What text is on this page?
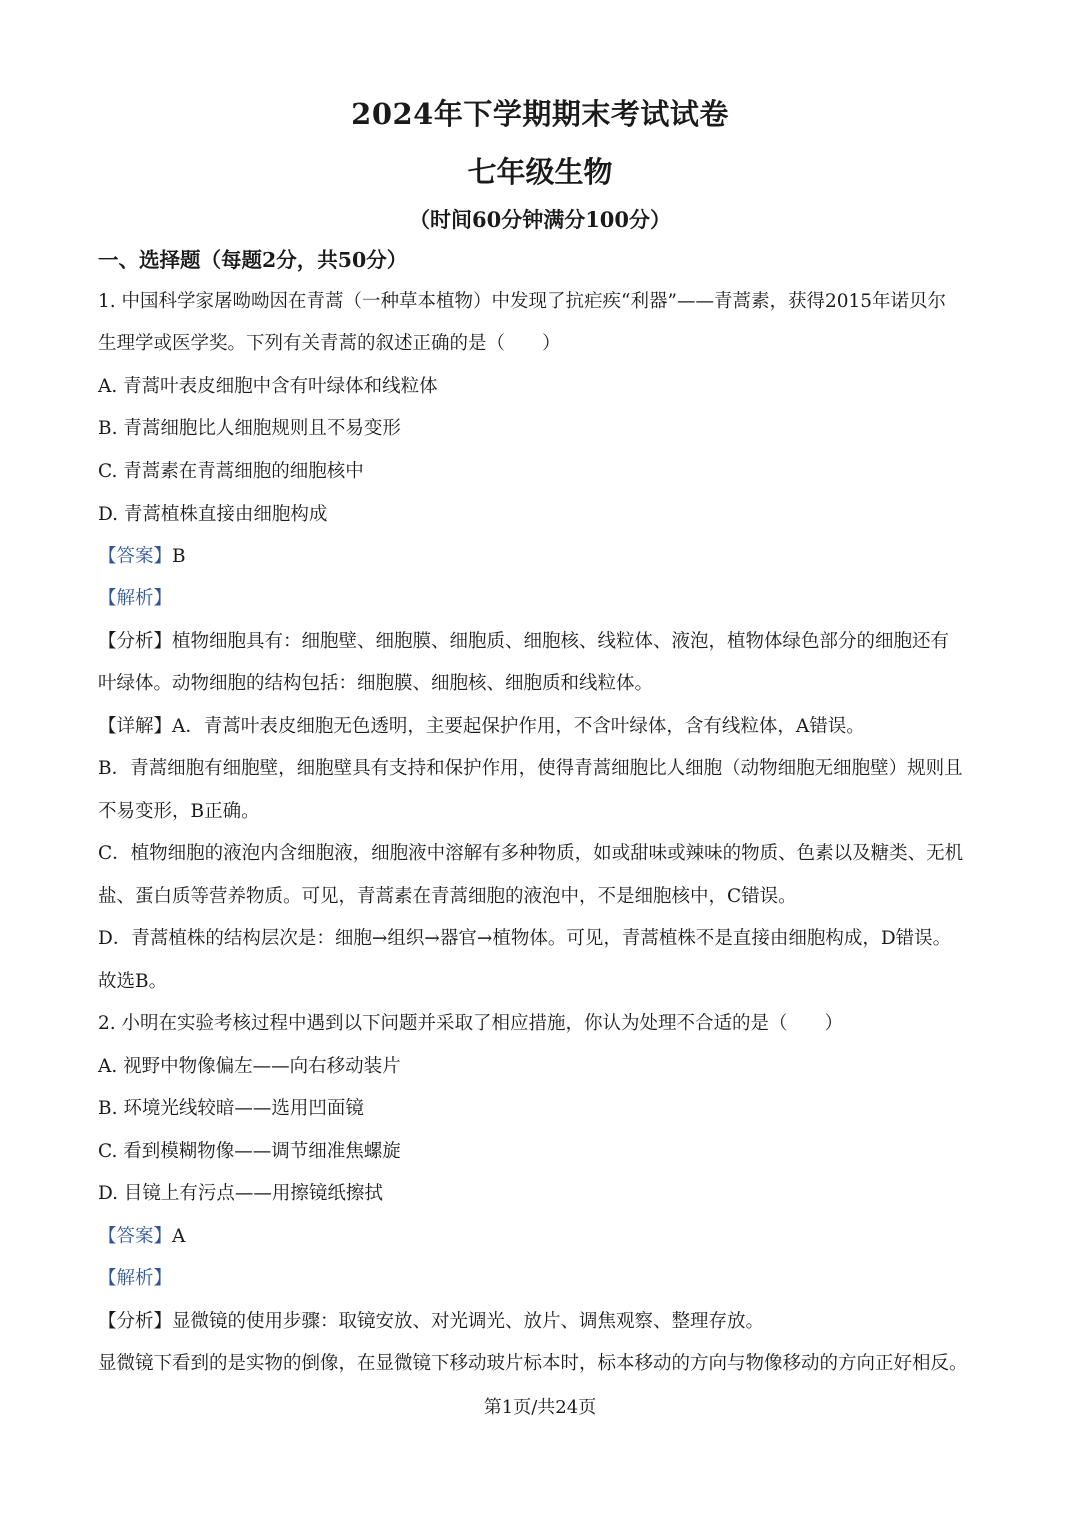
2024年下学期期末考试试卷
七年级生物
（时间60分钟满分100分）
一、选择题（每题2分，共50分）
1. 中国科学家屠呦呦因在青蒿（一种草本植物）中发现了抗疟疾“利器”——青蒿素，获得2015年诺贝尔
生理学或医学奖。下列有关青蒿的叙述正确的是（　　）
A. 青蒿叶表皮细胞中含有叶绿体和线粒体
B. 青蒿细胞比人细胞规则且不易变形
C. 青蒿素在青蒿细胞的细胞核中
D. 青蒿植株直接由细胞构成
【答案】B
【解析】
【分析】植物细胞具有：细胞壁、细胞膜、细胞质、细胞核、线粒体、液泡，植物体绿色部分的细胞还有
叶绿体。动物细胞的结构包括：细胞膜、细胞核、细胞质和线粒体。
【详解】A．青蒿叶表皮细胞无色透明，主要起保护作用，不含叶绿体，含有线粒体，A错误。
B．青蒿细胞有细胞壁，细胞壁具有支持和保护作用，使得青蒿细胞比人细胞（动物细胞无细胞壁）规则且
不易变形，B正确。
C．植物细胞的液泡内含细胞液，细胞液中溶解有多种物质，如或甜味或辣味的物质、色素以及糖类、无机
盐、蛋白质等营养物质。可见，青蒿素在青蒿细胞的液泡中，不是细胞核中，C错误。
D．青蒿植株的结构层次是：细胞→组织→器官→植物体。可见，青蒿植株不是直接由细胞构成，D错误。
故选B。
2. 小明在实验考核过程中遇到以下问题并采取了相应措施，你认为处理不合适的是（　　）
A. 视野中物像偏左——向右移动装片
B. 环境光线较暗——选用凹面镜
C. 看到模糊物像——调节细准焦螺旋
D. 目镜上有污点——用擦镜纸擦拭
【答案】A
【解析】
【分析】显微镜的使用步骤：取镜安放、对光调光、放片、调焦观察、整理存放。
显微镜下看到的是实物的倒像，在显微镜下移动玻片标本时，标本移动的方向与物像移动的方向正好相反。
第1页/共24页
